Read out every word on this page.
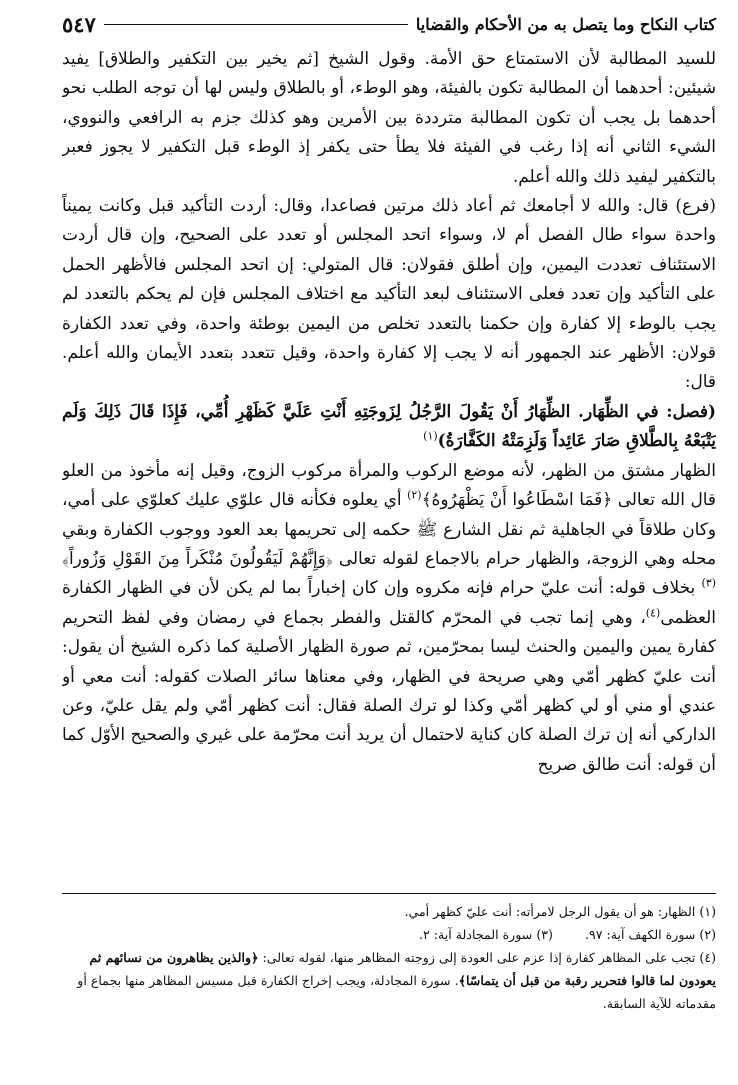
كتاب النكاح وما يتصل به من الأحكام والقضايا
٥٤٧

للسيد المطالبة لأن الاستمتاع حق الأمة. وقول الشيخ [ثم يخير بين التكفير والطلاق] يفيد شيئين: أحدهما أن المطالبة تكون بالفيئة، وهو الوطء، أو بالطلاق وليس لها أن توجه الطلب نحو أحدهما بل يجب أن تكون المطالبة مترددة بين الأمرين وهو كذلك جزم به الرافعي والنووي، الشيء الثاني أنه إذا رغب في الفيئة فلا يطأ حتى يكفر إذ الوطء قبل التكفير لا يجوز فعبر بالتكفير ليفيد ذلك والله أعلم.

(فرع) قال: والله لا أجامعك ثم أعاد ذلك مرتين فصاعدا، وقال: أردت التأكيد قبل وكانت يميناً واحدة سواء طال الفصل أم لا، وسواء اتحد المجلس أو تعدد على الصحيح، وإن قال أردت الاستئناف تعددت اليمين، وإن أطلق فقولان: قال المتولي: إن اتحد المجلس فالأظهر الحمل على التأكيد وإن تعدد فعلى الاستئناف لبعد التأكيد مع اختلاف المجلس فإن لم يحكم بالتعدد لم يجب بالوطء إلا كفارة وإن حكمنا بالتعدد تخلص من اليمين بوطئة واحدة، وفي تعدد الكفارة قولان: الأظهر عند الجمهور أنه لا يجب إلا كفارة واحدة، وقيل تتعدد بتعدد الأيمان والله أعلم. قال:

(فصل: في الظِّهَار. الظِّهَارُ أَنْ يَقُولَ الرَّجُلُ لِزَوجَتِهِ أَنْتِ عَلَيَّ كَظَهْرِ أُمِّي، فَإِذَا قَالَ ذَلِكَ وَلَم يَتْبَعْهُ بِالطَّلاقِ صَارَ عَائِداً وَلَزِمَتْهُ الكَفَّارَةُ)$^{(١)}$

الظهار مشتق من الظهر، لأنه موضع الركوب والمرأة مركوب الزوج، وقيل إنه مأخوذ من العلو قال الله تعالى ﴿فَمَا اسْطَاعُوا أَنْ يَظْهَرُوهُ﴾$^{(٢)}$ أي يعلوه فكأنه قال علوّي عليك كعلوّي على أمي، وكان طلاقاً في الجاهلية ثم نقل الشارع ﷺ حكمه إلى تحريمها بعد العود ووجوب الكفارة وبقي محله وهي الزوجة، والظهار حرام بالاجماع لقوله تعالى ﴿وَإِنَّهُمْ لَيَقُولُونَ مُنْكَراً مِنَ القَوْلِ وَزُوراً﴾$^{(٣)}$ بخلاف قوله: أنت عليّ حرام فإنه مكروه وإن كان إخباراً بما لم يكن لأن في الظهار الكفارة العظمى$^{(٤)}$، وهي إنما تجب في المحرّم كالقتل والفطر بجماع في رمضان وفي لفظ التحريم كفارة يمين واليمين والحنث ليسا بمحرّمين، ثم صورة الظهار الأصلية كما ذكره الشيخ أن يقول: أنت عليّ كظهر أمّي وهي صريحة في الظهار، وفي معناها سائر الصلات كقوله: أنت معي أو عندي أو مني أو لي كظهر أمّي وكذا لو ترك الصلة فقال: أنت كظهر أمّي ولم يقل عليّ، وعن الداركي أنه إن ترك الصلة كان كناية لاحتمال أن يريد أنت محرّمة على غيري والصحيح الأوّل كما أن قوله: أنت طالق صريح

(١) الظهار: هو أن يقول الرجل لامرأته: أنت عليّ كظهر أمي.

(٢) سورة الكهف آية: ٩٧.        (٣) سورة المجادلة آية: ٢.

(٤) تجب على المظاهر كفارة إذا عزم على العودة إلى زوجته المظاهر منها، لقوله تعالى: ﴿والذين يظاهرون من نسائهم ثم يعودون لما قالوا فتحرير رقبة من قبل أن يتماسّا﴾. سورة المجادلة، ويجب إخراج الكفارة قبل مسيس المظاهر منها بجماع أو مقدماته للآية السابقة.
